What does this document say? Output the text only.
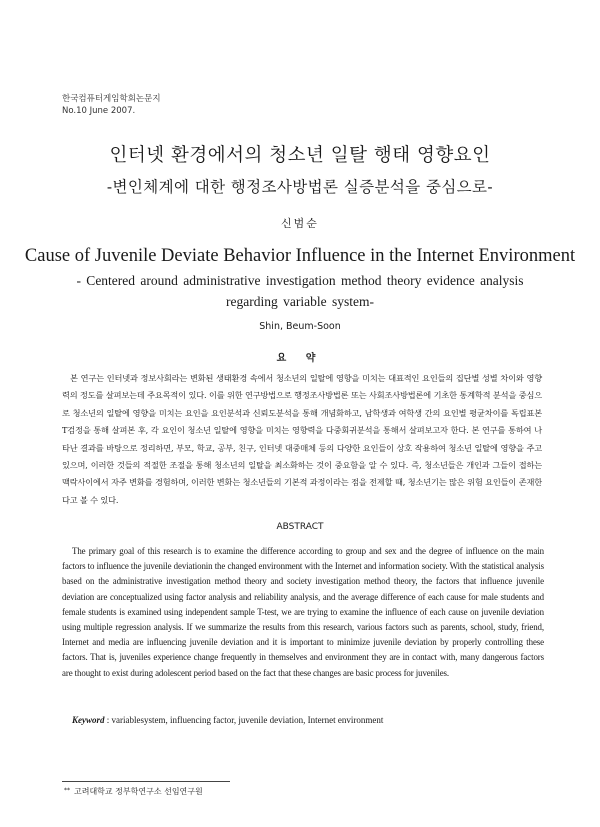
한국컴퓨터게임학회논문지
No.10 June 2007.
인터넷 환경에서의 청소년 일탈 행태 영향요인
-변인체계에 대한 행정조사방법론 실증분석을 중심으로-
신범순
Cause of Juvenile Deviate Behavior Influence in the Internet Environment
- Centered around administrative investigation method theory evidence analysis regarding variable system-
Shin, Beum-Soon
요 약

본 연구는 인터넷과 정보사회라는 변화된 생태환경 속에서 청소년의 일탈에 영향을 미치는 대표적인 요인들의 집단별 성별 차이와 영향력의 정도를 살펴보는데 주요목적이 있다. 이를 위한 연구방법으로 행정조사방법론 또는 사회조사방법론에 기초한 통계학적 분석을 중심으로 청소년의 일탈에 영향을 미치는 요인을 요인분석과 신뢰도분석을 통해 개념화하고, 남학생과 여학생 간의 요인별 평균차이를 독립표본 T검정을 통해 살펴본 후, 각 요인이 청소년 일탈에 영향을 미치는 영향력을 다중회귀분석을 통해서 살펴보고자 한다. 본 연구를 통하여 나타난 결과를 바탕으로 정리하면, 부모, 학교, 공부, 친구, 인터넷 대중매체 등의 다양한 요인들이 상호 작용하여 청소년 일탈에 영향을 주고 있으며, 이러한 것들의 적절한 조절을 통해 청소년의 일탈을 최소화하는 것이 중요함을 알 수 있다. 즉, 청소년들은 개인과 그들이 접하는 맥락사이에서 자주 변화를 경험하며, 이러한 변화는 청소년들의 기본적 과정이라는 점을 전제할 때, 청소년기는 많은 위험 요인들이 존재한다고 볼 수 있다.

ABSTRACT

The primary goal of this research is to examine the difference according to group and sex and the degree of influence on the main factors to influence the juvenile deviationin the changed environment with the Internet and information society. With the statistical analysis based on the administrative investigation method theory and society investigation method theory, the factors that influence juvenile deviation are conceptualized using factor analysis and reliability analysis, and the average difference of each cause for male students and female students is examined using independent sample T-test, we are trying to examine the influence of each cause on juvenile deviation using multiple regression analysis. If we summarize the results from this research, various factors such as parents, school, study, friend, Internet and media are influencing juvenile deviation and it is important to minimize juvenile deviation by properly controlling these factors. That is, juveniles experience change frequently in themselves and environment they are in contact with, many dangerous factors are thought to exist during adolescent period based on the fact that these changes are basic process for juveniles.

Keyword : variablesystem, influencing factor, juvenile deviation, Internet environment
** 고려대학교 정부학연구소 선임연구원
